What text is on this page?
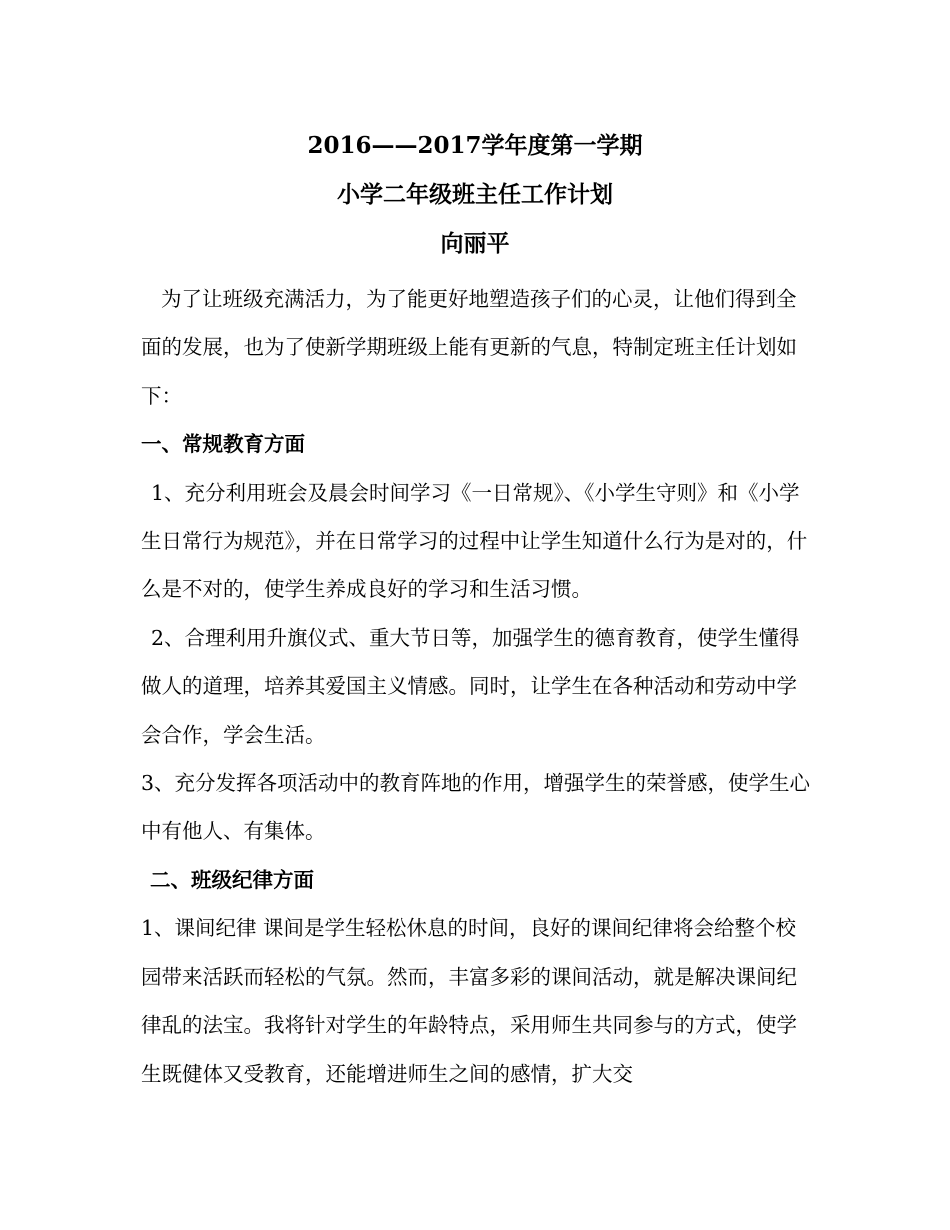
2016——2017学年度第一学期
小学二年级班主任工作计划
向丽平

为了让班级充满活力，为了能更好地塑造孩子们的心灵，让他们得到全面的发展，也为了使新学期班级上能有更新的气息，特制定班主任计划如下：

一、常规教育方面

1、充分利用班会及晨会时间学习《一日常规》、《小学生守则》和《小学生日常行为规范》，并在日常学习的过程中让学生知道什么行为是对的，什么是不对的，使学生养成良好的学习和生活习惯。

2、合理利用升旗仪式、重大节日等，加强学生的德育教育，使学生懂得做人的道理，培养其爱国主义情感。同时，让学生在各种活动和劳动中学会合作，学会生活。

3、充分发挥各项活动中的教育阵地的作用，增强学生的荣誉感，使学生心中有他人、有集体。

二、班级纪律方面

1、课间纪律 课间是学生轻松休息的时间，良好的课间纪律将会给整个校园带来活跃而轻松的气氛。然而，丰富多彩的课间活动，就是解决课间纪律乱的法宝。我将针对学生的年龄特点，采用师生共同参与的方式，使学生既健体又受教育，还能增进师生之间的感情，扩大交
